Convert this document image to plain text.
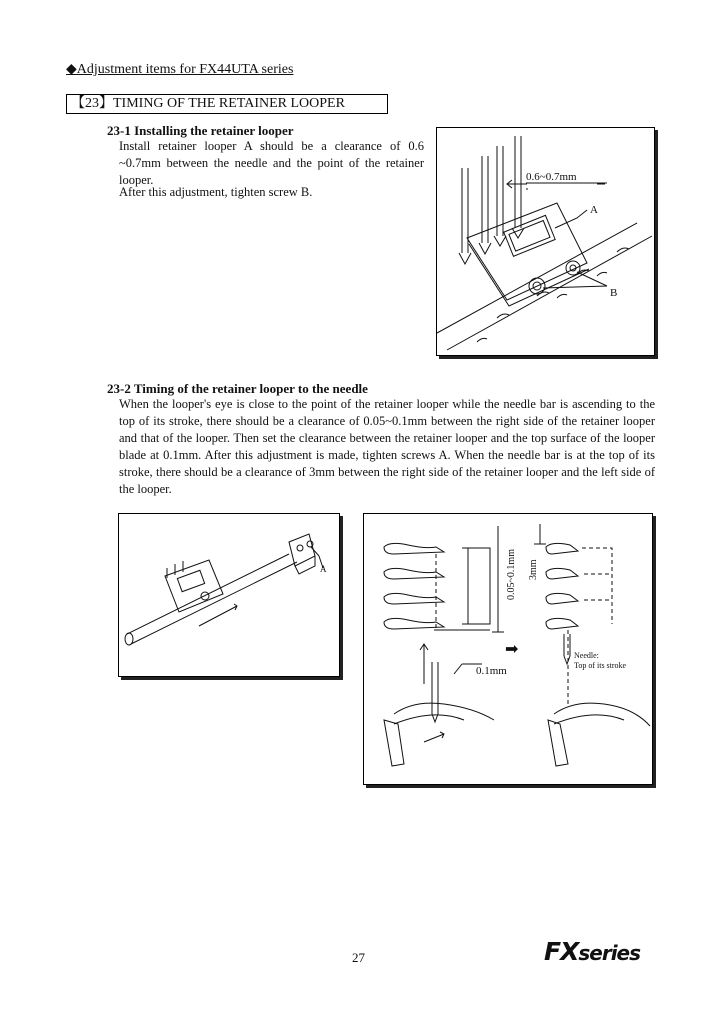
◆Adjustment items for FX44UTA series
【23】TIMING OF THE RETAINER LOOPER
23-1 Installing the retainer looper
Install retainer looper A should be a clearance of 0.6 ~0.7mm between the needle and the point of the retainer looper.
After this adjustment, tighten screw B.
0.6~0.7mm
A
B
23-2 Timing of the retainer looper to the needle
When the looper's eye is close to the point of the retainer looper while the needle bar is ascending to the top of its stroke, there should be a clearance of 0.05~0.1mm between the right side of the retainer looper and that of the looper. Then set the clearance between the retainer looper and the top surface of the looper blade at 0.1mm. After this adjustment is made, tighten screws A. When the needle bar is at the top of its stroke, there should be a clearance of 3mm between the right side of the retainer looper and the left side of the looper.
A	0.05~0.1mm 3mm
0.1mm
➡	Needle:
Top of its stroke
27	FXseries
